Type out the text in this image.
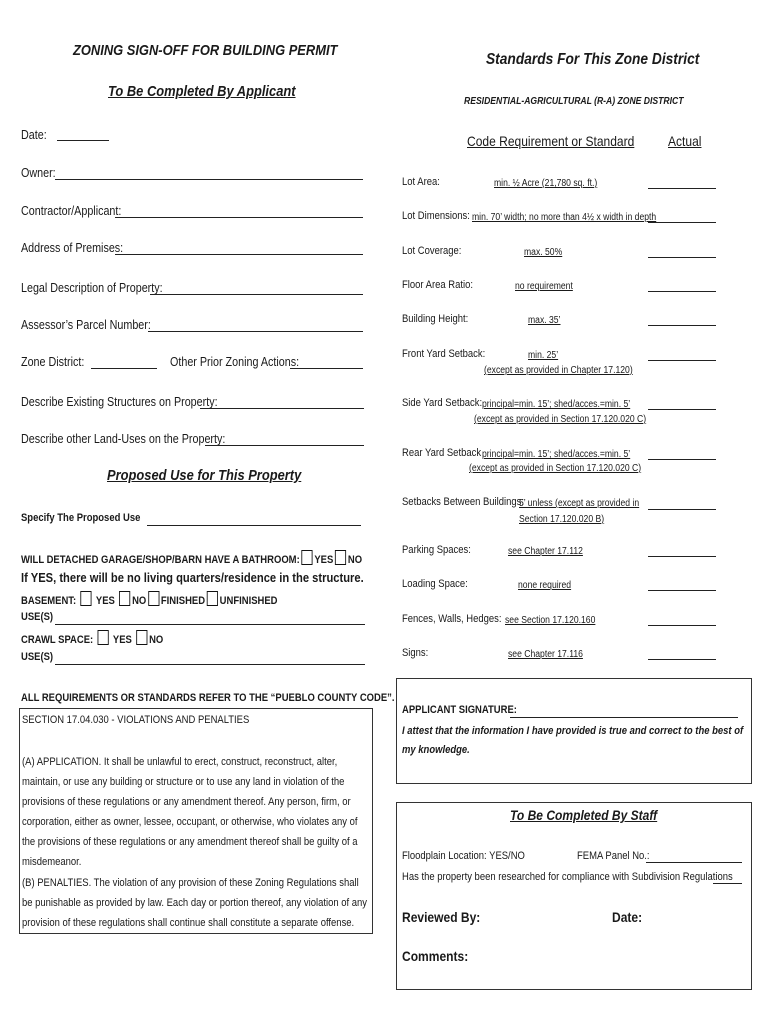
ZONING SIGN-OFF FOR BUILDING PERMIT
To Be Completed By Applicant
Date:
Owner:
Contractor/Applicant:
Address of Premises:
Legal Description of Property:
Assessor’s Parcel Number:
Zone District:	Other Prior Zoning Actions:
Describe Existing Structures on Property:
Describe other Land-Uses on the Property:
Proposed Use for This Property
Specify The Proposed Use
WILL DETACHED GARAGE/SHOP/BARN HAVE A BATHROOM: YES NO
If YES, there will be no living quarters/residence in the structure.
BASEMENT: YES NO FINISHED UNFINISHED
USE(S)
CRAWL SPACE: YES NO
USE(S)
ALL REQUIREMENTS OR STANDARDS REFER TO THE “PUEBLO COUNTY CODE”.
SECTION 17.04.030 - VIOLATIONS AND PENALTIES
(A) APPLICATION. It shall be unlawful to erect, construct, reconstruct, alter, maintain, or use any building or structure or to use any land in violation of the provisions of these regulations or any amendment thereof. Any person, firm, or corporation, either as owner, lessee, occupant, or otherwise, who violates any of the provisions of these regulations or any amendment thereof shall be guilty of a misdemeanor.
(B) PENALTIES. The violation of any provision of these Zoning Regulations shall be punishable as provided by law. Each day or portion thereof, any violation of any provision of these regulations shall continue shall constitute a separate offense.
Standards For This Zone District
RESIDENTIAL-AGRICULTURAL (R-A) ZONE DISTRICT
Code Requirement or Standard Actual
Lot Area:	min. ½ Acre (21,780 sq. ft.)
Lot Dimensions: min. 70’ width; no more than 4½ x width in depth
Lot Coverage:	max. 50%
Floor Area Ratio:	no requirement
Building Height:	max. 35’
Front Yard Setback:	min. 25’
(except as provided in Chapter 17.120)
Side Yard Setback: principal=min. 15’; shed/acces.=min. 5’
(except as provided in Section 17.120.020 C)
Rear Yard Setback principal=min. 15’; shed/acces.=min. 5’
(except as provided in Section 17.120.020 C)
Setbacks Between Buildings:
5’ unless (except as provided in
Section 17.120.020 B)
Parking Spaces:	see Chapter 17.112
Loading Space:	none required
Fences, Walls, Hedges: see Section 17.120.160
Signs:	see Chapter 17.116
APPLICANT SIGNATURE:
I attest that the information I have provided is true and correct to the best of my knowledge.
To Be Completed By Staff
Floodplain Location: YES/NO	FEMA Panel No.:
Has the property been researched for compliance with Subdivision Regulations
Reviewed By:	Date:
Comments:
